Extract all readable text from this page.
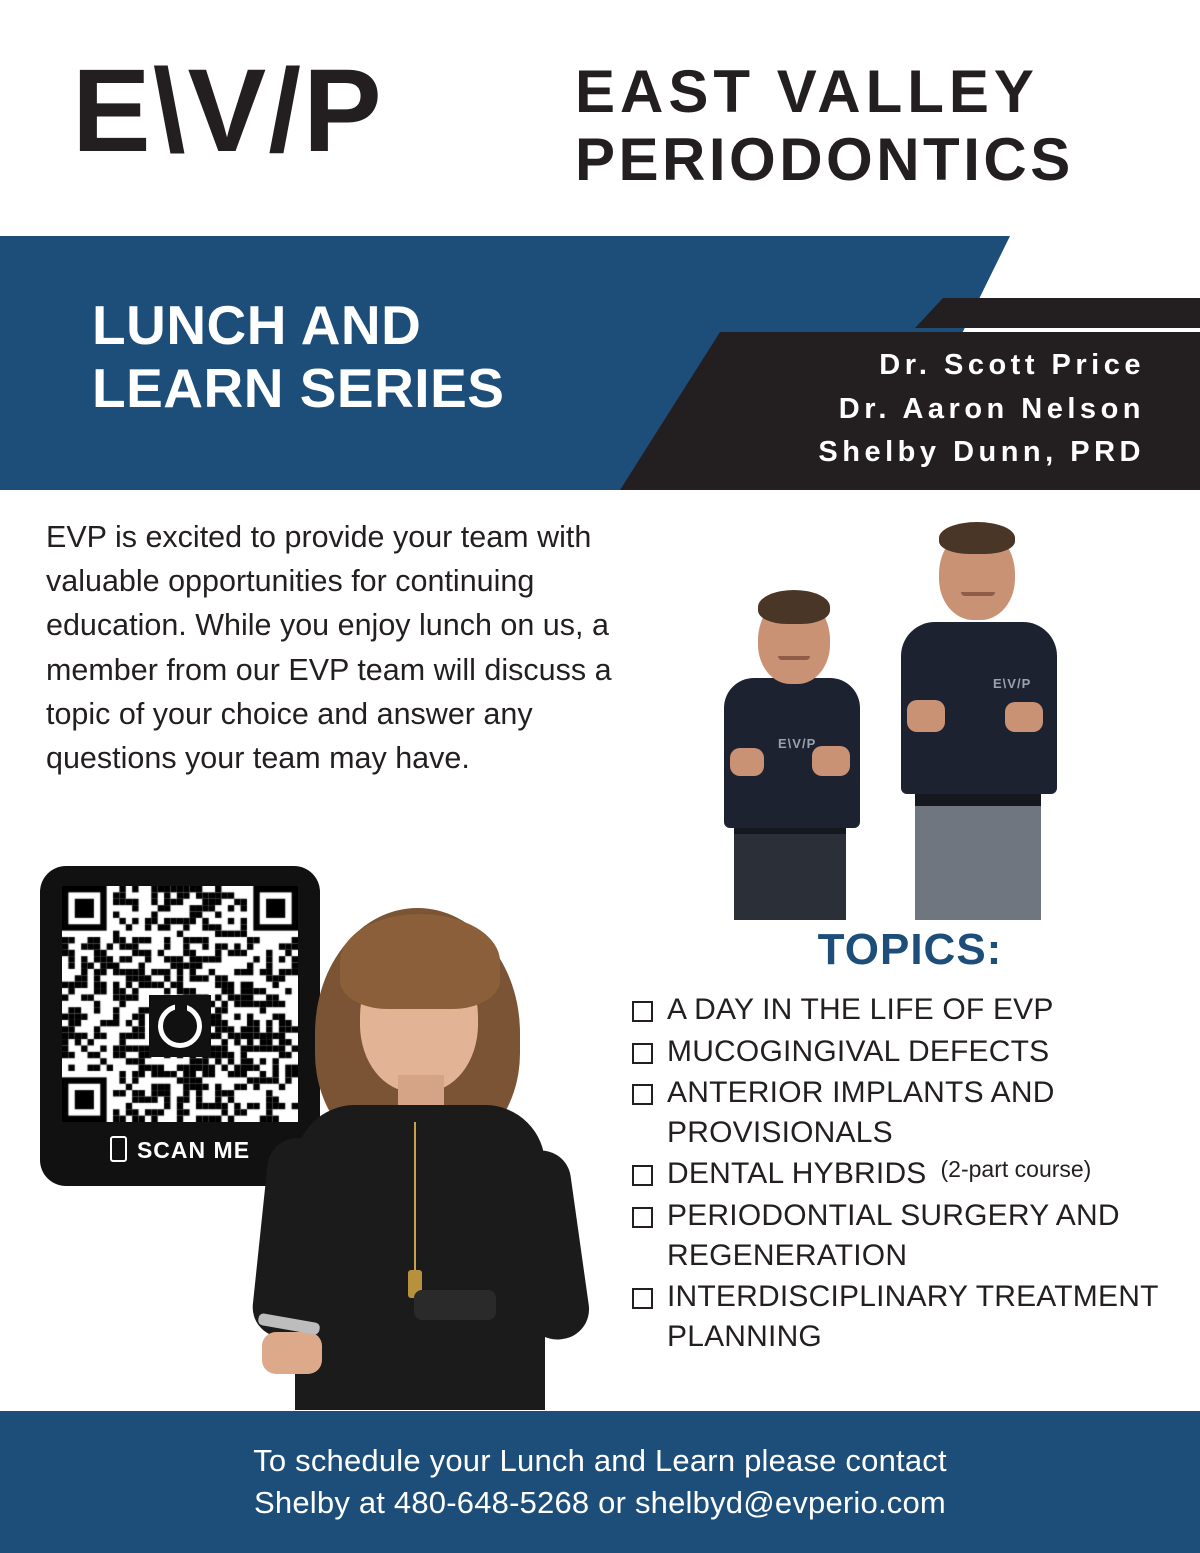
E\V/P	EAST VALLEY
PERIODONTICS
LUNCH AND
LEARN SERIES	Dr. Scott Price
Dr. Aaron Nelson
Shelby Dunn, PRD
EVP is excited to provide your team with valuable opportunities for continuing education. While you enjoy lunch on us, a member from our EVP team will discuss a topic of your choice and answer any questions your team may have.	E\V/P
E\V/P
SCAN ME
TOPICS:
A DAY IN THE LIFE OF EVP
MUCOGINGIVAL DEFECTS
ANTERIOR IMPLANTS AND PROVISIONALS
DENTAL HYBRIDS (2-part course)
PERIODONTIAL SURGERY AND REGENERATION
INTERDISCIPLINARY TREATMENT PLANNING
To schedule your Lunch and Learn please contact
Shelby at 480-648-5268 or shelbyd@evperio.com
